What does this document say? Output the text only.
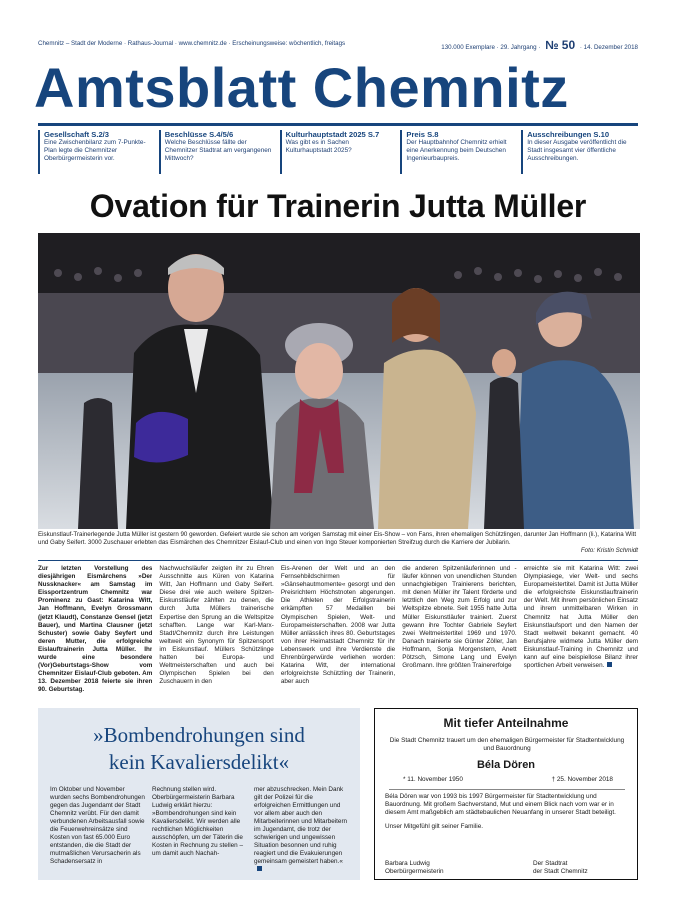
Chemnitz – Stadt der Moderne · Rathaus-Journal · www.chemnitz.de · Erscheinungsweise: wöchentlich, freitags
130.000 Exemplare · 29. Jahrgang · № 50 · 14. Dezember 2018
Amtsblatt Chemnitz
Gesellschaft S.2/3
Eine Zwischenbilanz zum 7-Punkte-Plan legte die Chemnitzer Oberbürgermeisterin vor.
Beschlüsse S.4/5/6
Welche Beschlüsse fällte der Chemnitzer Stadtrat am vergangenen Mittwoch?
Kulturhauptstadt 2025 S.7
Was gibt es in Sachen Kulturhauptstadt 2025?
Preis S.8
Der Hauptbahnhof Chemnitz erhielt eine Anerkennung beim Deutschen Ingenieurbaupreis.
Ausschreibungen S.10
In dieser Ausgabe veröffentlicht die Stadt insgesamt vier öffentliche Ausschreibungen.
Ovation für Trainerin Jutta Müller
Eiskunstlauf-Trainerlegende Jutta Müller ist gestern 90 geworden. Gefeiert wurde sie schon am vorigen Samstag mit einer Eis-Show – von Fans, ihren ehemaligen Schützlingen, darunter Jan Hoffmann (li.), Katarina Witt und Gaby Seifert. 3000 Zuschauer erlebten das Eismärchen des Chemnitzer Eislauf-Club und einen von Ingo Steuer komponierten Streifzug durch die Karriere der Jubilarin.
Foto: Kristin Schmidt
Zur letzten Vorstellung des diesjährigen Eismärchens »Der Nussknacker« am Samstag im Eissportzentrum Chemnitz war Prominenz zu Gast: Katarina Witt, Jan Hoffmann, Evelyn Grossmann (jetzt Klaudt), Constanze Gensel (jetzt Bauer), und Martina Clausner (jetzt Schuster) sowie Gaby Seyfert und deren Mutter, die erfolgreiche Eislauftrainerin Jutta Müller. Ihr wurde eine besondere (Vor)Geburtstags-Show vom Chemnitzer Eislauf-Club geboten. Am 13. Dezember 2018 feierte sie ihren 90. Geburtstag.
Nachwuchsläufer zeigten ihr zu Ehren Ausschnitte aus Küren von Katarina Witt, Jan Hoffmann und Gaby Seifert. Diese drei wie auch weitere Spitzen-Eiskunstläufer zählten zu denen, die durch Jutta Müllers trainerische Expertise den Sprung an die Weltspitze schafften. Lange war Karl-Marx-Stadt/Chemnitz durch ihre Leistungen weltweit ein Synonym für Spitzensport im Eiskunstlauf. Müllers Schützlinge hatten bei Europa- und Weltmeisterschaften und auch bei Olympischen Spielen bei den Zuschauern in den
Eis-Arenen der Welt und an den Fernsehbildschirmen für »Gänsehautmomente« gesorgt und den Preisrichtern Höchstnoten abgerungen. Die Athleten der Erfolgstrainerin erkämpften 57 Medaillen bei Olympischen Spielen, Welt- und Europameisterschaften. 2008 war Jutta Müller anlässlich ihres 80. Geburtstages von ihrer Heimatstadt Chemnitz für ihr Lebenswerk und ihre Verdienste die Ehrenbürgerwürde verliehen worden: Katarina Witt, der international erfolgreichste Schützling der Trainerin, aber auch
die anderen Spitzenläuferinnen und -läufer können von unendlichen Stunden unnachgiebigen Trainierens berichten, mit denen Müller ihr Talent förderte und letztlich den Weg zum Erfolg und zur Weltspitze ebnete. Seit 1955 hatte Jutta Müller Eiskunstläufer trainiert. Zuerst gewann ihre Tochter Gabriele Seyfert zwei Weltmeistertitel 1969 und 1970. Danach trainierte sie Günter Zöller, Jan Hoffmann, Sonja Morgenstern, Anett Pötzsch, Simone Lang und Evelyn Großmann. Ihre größten Trainererfolge
erreichte sie mit Katarina Witt: zwei Olympiasiege, vier Welt- und sechs Europameistertitel. Damit ist Jutta Müller die erfolgreichste Eiskunstlauftrainerin der Welt. Mit ihrem persönlichen Einsatz und ihrem unmittelbaren Wirken in Chemnitz hat Jutta Müller den Eiskunstlaufsport und den Namen der Stadt weltweit bekannt gemacht. 40 Berufsjahre widmete Jutta Müller dem Eiskunstlauf-Training in Chemnitz und kann auf eine beispiellose Bilanz ihrer sportlichen Arbeit verweisen.
»Bombendrohungen sind
kein Kavaliersdelikt«
Im Oktober und November wurden sechs Bombendrohungen gegen das Jugendamt der Stadt Chemnitz verübt. Für den damit verbundenen Arbeitsausfall sowie die Feuerwehreinsätze sind Kosten von fast 65.000 Euro entstanden, die die Stadt der mutmaßlichen Verursacherin als Schadensersatz in
Rechnung stellen wird. Oberbürgermeisterin Barbara Ludwig erklärt hierzu: »Bombendrohungen sind kein Kavaliersdelikt. Wir werden alle rechtlichen Möglichkeiten ausschöpfen, um der Täterin die Kosten in Rechnung zu stellen – um damit auch Nachah-
mer abzuschrecken. Mein Dank gilt der Polizei für die erfolgreichen Ermittlungen und vor allem aber auch den Mitarbeiterinnen und Mitarbeitern im Jugendamt, die trotz der schwierigen und ungewissen Situation besonnen und ruhig reagiert und die Evakuierungen gemeinsam gemeistert haben.«
Mit tiefer Anteilnahme
Die Stadt Chemnitz trauert um den ehemaligen Bürgermeister für Stadtentwicklung und Bauordnung
Béla Dören
* 11. November 1950	† 25. November 2018
Béla Dören war von 1993 bis 1997 Bürgermeister für Stadtentwicklung und Bauordnung. Mit großem Sachverstand, Mut und einem Blick nach vorn war er in diesem Amt maßgeblich am städtebaulichen Neuanfang in unserer Stadt beteiligt.
Unser Mitgefühl gilt seiner Familie.
Barbara Ludwig
Oberbürgermeisterin
Der Stadtrat
der Stadt Chemnitz
